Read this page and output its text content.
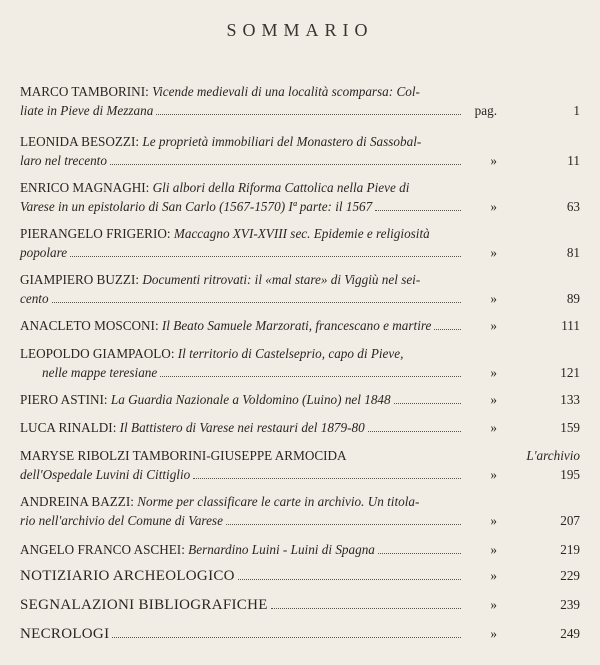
SOMMARIO
MARCO TAMBORINI: Vicende medievali di una località scomparsa: Col-
liate in Pieve di Mezzana	pag.	1
LEONIDA BESOZZI: Le proprietà immobiliari del Monastero di Sassobal-
laro nel trecento	»	11
ENRICO MAGNAGHI: Gli albori della Riforma Cattolica nella Pieve di
Varese in un epistolario di San Carlo (1567-1570) Iª parte: il 1567	»	63
PIERANGELO FRIGERIO: Maccagno XVI-XVIII sec. Epidemie e religiosità
popolare	»	81
GIAMPIERO BUZZI: Documenti ritrovati: il «mal stare» di Viggiù nel sei-
cento	»	89
ANACLETO MOSCONI: Il Beato Samuele Marzorati, francescano e martire	»	111
LEOPOLDO GIAMPAOLO: Il territorio di Castelseprio, capo di Pieve,
nelle mappe teresiane	»	121
PIERO ASTINI: La Guardia Nazionale a Voldomino (Luino) nel 1848	»	133
LUCA RINALDI: Il Battistero di Varese nei restauri del 1879-80	»	159
MARYSE RIBOLZI TAMBORINI-GIUSEPPE ARMOCIDA	L'archivio
dell'Ospedale Luvini di Cittiglio	»	195
ANDREINA BAZZI: Norme per classificare le carte in archivio. Un titola-
rio nell'archivio del Comune di Varese	»	207
ANGELO FRANCO ASCHEI: Bernardino Luini - Luini di Spagna	»	219
NOTIZIARIO ARCHEOLOGICO	»	229
SEGNALAZIONI BIBLIOGRAFICHE	»	239
NECROLOGI	»	249
